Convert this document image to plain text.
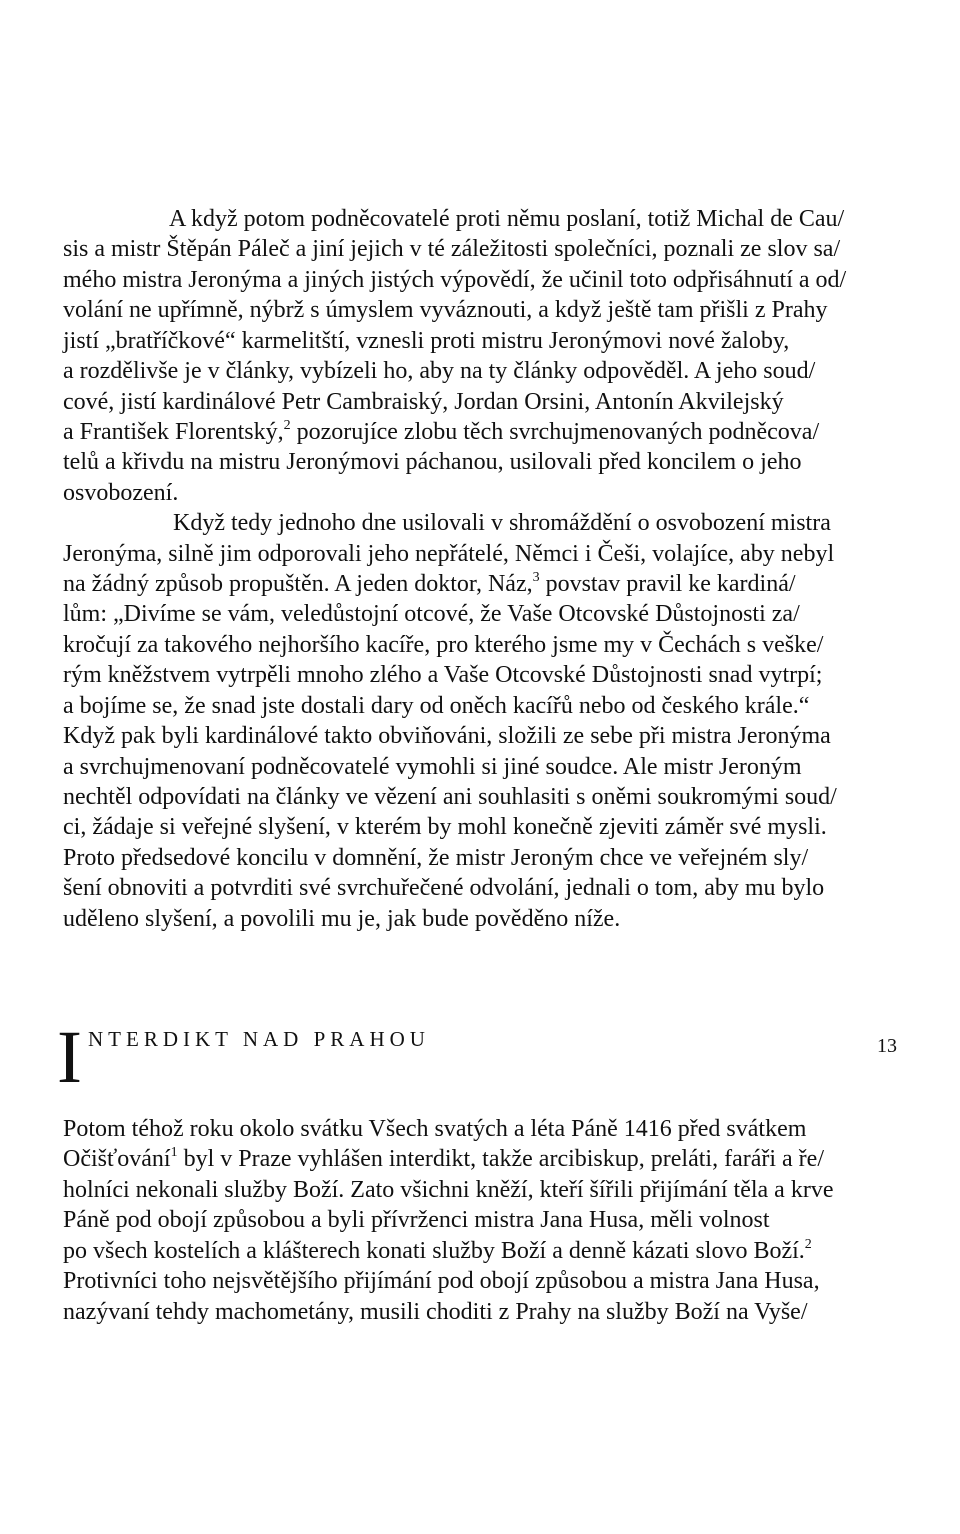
A když potom podněcovatelé proti němu poslaní, totiž Michal de Cau/
sis a mistr Štěpán Páleč a jiní jejich v té záležitosti společníci, poznali ze slov sa/
mého mistra Jeronýma a jiných jistých výpovědí, že učinil toto odpřisáhnutí a od/
volání ne upřímně, nýbrž s úmyslem vyváznouti, a když ještě tam přišli z Prahy
jistí „bratříčkové“ karmelitští, vznesli proti mistru Jeronýmovi nové žaloby,
a rozdělivše je v články, vybízeli ho, aby na ty články odpověděl. A jeho soud/
cové, jistí kardinálové Petr Cambraiský, Jordan Orsini, Antonín Akvilejský
a František Florentský,$^2$ pozorujíce zlobu těch svrchujmenovaných podněcova/
telů a křivdu na mistru Jeronýmovi páchanou, usilovali před koncilem o jeho
osvobození.
Když tedy jednoho dne usilovali v shromáždění o osvobození mistra
Jeronýma, silně jim odporovali jeho nepřátelé, Němci i Češi, volajíce, aby nebyl
na žádný způsob propuštěn. A jeden doktor, Náz,$^3$ povstav pravil ke kardiná/
lům: „Divíme se vám, veledůstojní otcové, že Vaše Otcovské Důstojnosti za/
kročují za takového nejhoršího kacíře, pro kterého jsme my v Čechách s veške/
rým kněžstvem vytrpěli mnoho zlého a Vaše Otcovské Důstojnosti snad vytrpí;
a bojíme se, že snad jste dostali dary od oněch kacířů nebo od českého krále.“
Když pak byli kardinálové takto obviňováni, složili ze sebe při mistra Jeronýma
a svrchujmenovaní podněcovatelé vymohli si jiné soudce. Ale mistr Jeroným
nechtěl odpovídati na články ve vězení ani souhlasiti s oněmi soukromými soud/
ci, žádaje si veřejné slyšení, v kterém by mohl konečně zjeviti záměr své mysli.
Proto předsedové koncilu v domnění, že mistr Jeroným chce ve veřejném sly/
šení obnoviti a potvrditi své svrchuřečené odvolání, jednali o tom, aby mu bylo
uděleno slyšení, a povolili mu je, jak bude pověděno níže.
I NTERDIKT NAD PRAHOU	13
Potom téhož roku okolo svátku Všech svatých a léta Páně 1416 před svátkem
Očišťování$^1$ byl v Praze vyhlášen interdikt, takže arcibiskup, preláti, faráři a ře/
holníci nekonali služby Boží. Zato všichni kněží, kteří šířili přijímání těla a krve
Páně pod obojí způsobou a byli přívrženci mistra Jana Husa, měli volnost
po všech kostelích a klášterech konati služby Boží a denně kázati slovo Boží.$^2$
Protivníci toho nejsvětějšího přijímání pod obojí způsobou a mistra Jana Husa,
nazývaní tehdy machometány, musili choditi z Prahy na služby Boží na Vyše/
